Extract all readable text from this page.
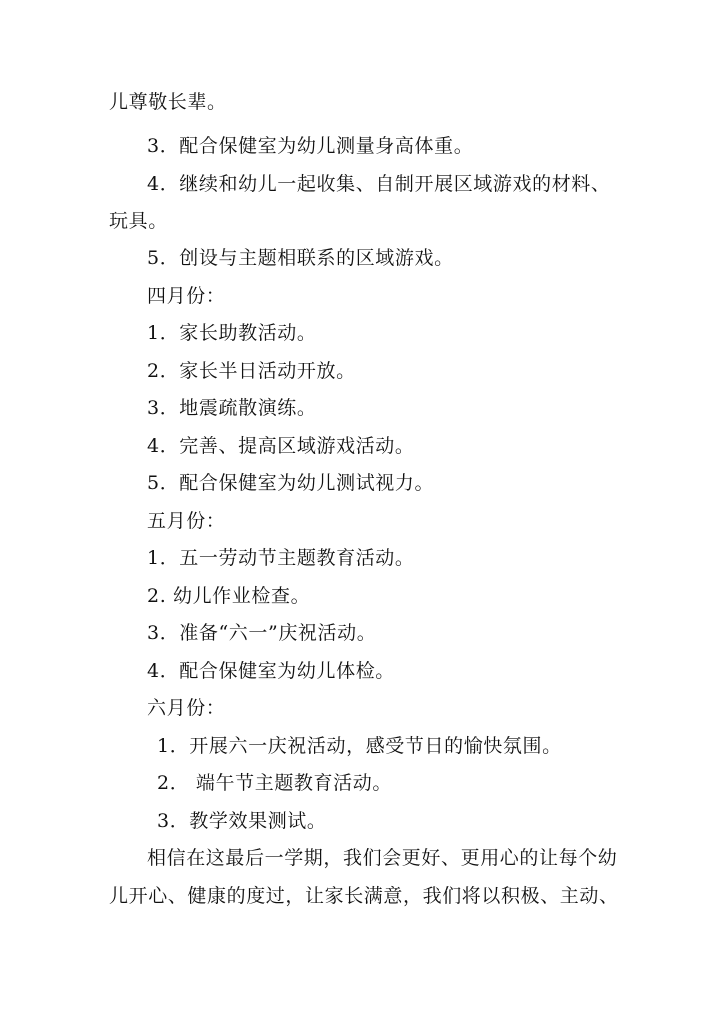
儿尊敬长辈。
3．配合保健室为幼儿测量身高体重。
4．继续和幼儿一起收集、自制开展区域游戏的材料、
玩具。
5．创设与主题相联系的区域游戏。
四月份：
1．家长助教活动。
2．家长半日活动开放。
3．地震疏散演练。
4．完善、提高区域游戏活动。
5．配合保健室为幼儿测试视力。
五月份：
1．五一劳动节主题教育活动。
2. 幼儿作业检查。
3．准备“六一”庆祝活动。
4．配合保健室为幼儿体检。
六月份：
1．开展六一庆祝活动，感受节日的愉快氛围。
2． 端午节主题教育活动。
3．教学效果测试。
相信在这最后一学期，我们会更好、更用心的让每个幼
儿开心、健康的度过，让家长满意，我们将以积极、主动、
